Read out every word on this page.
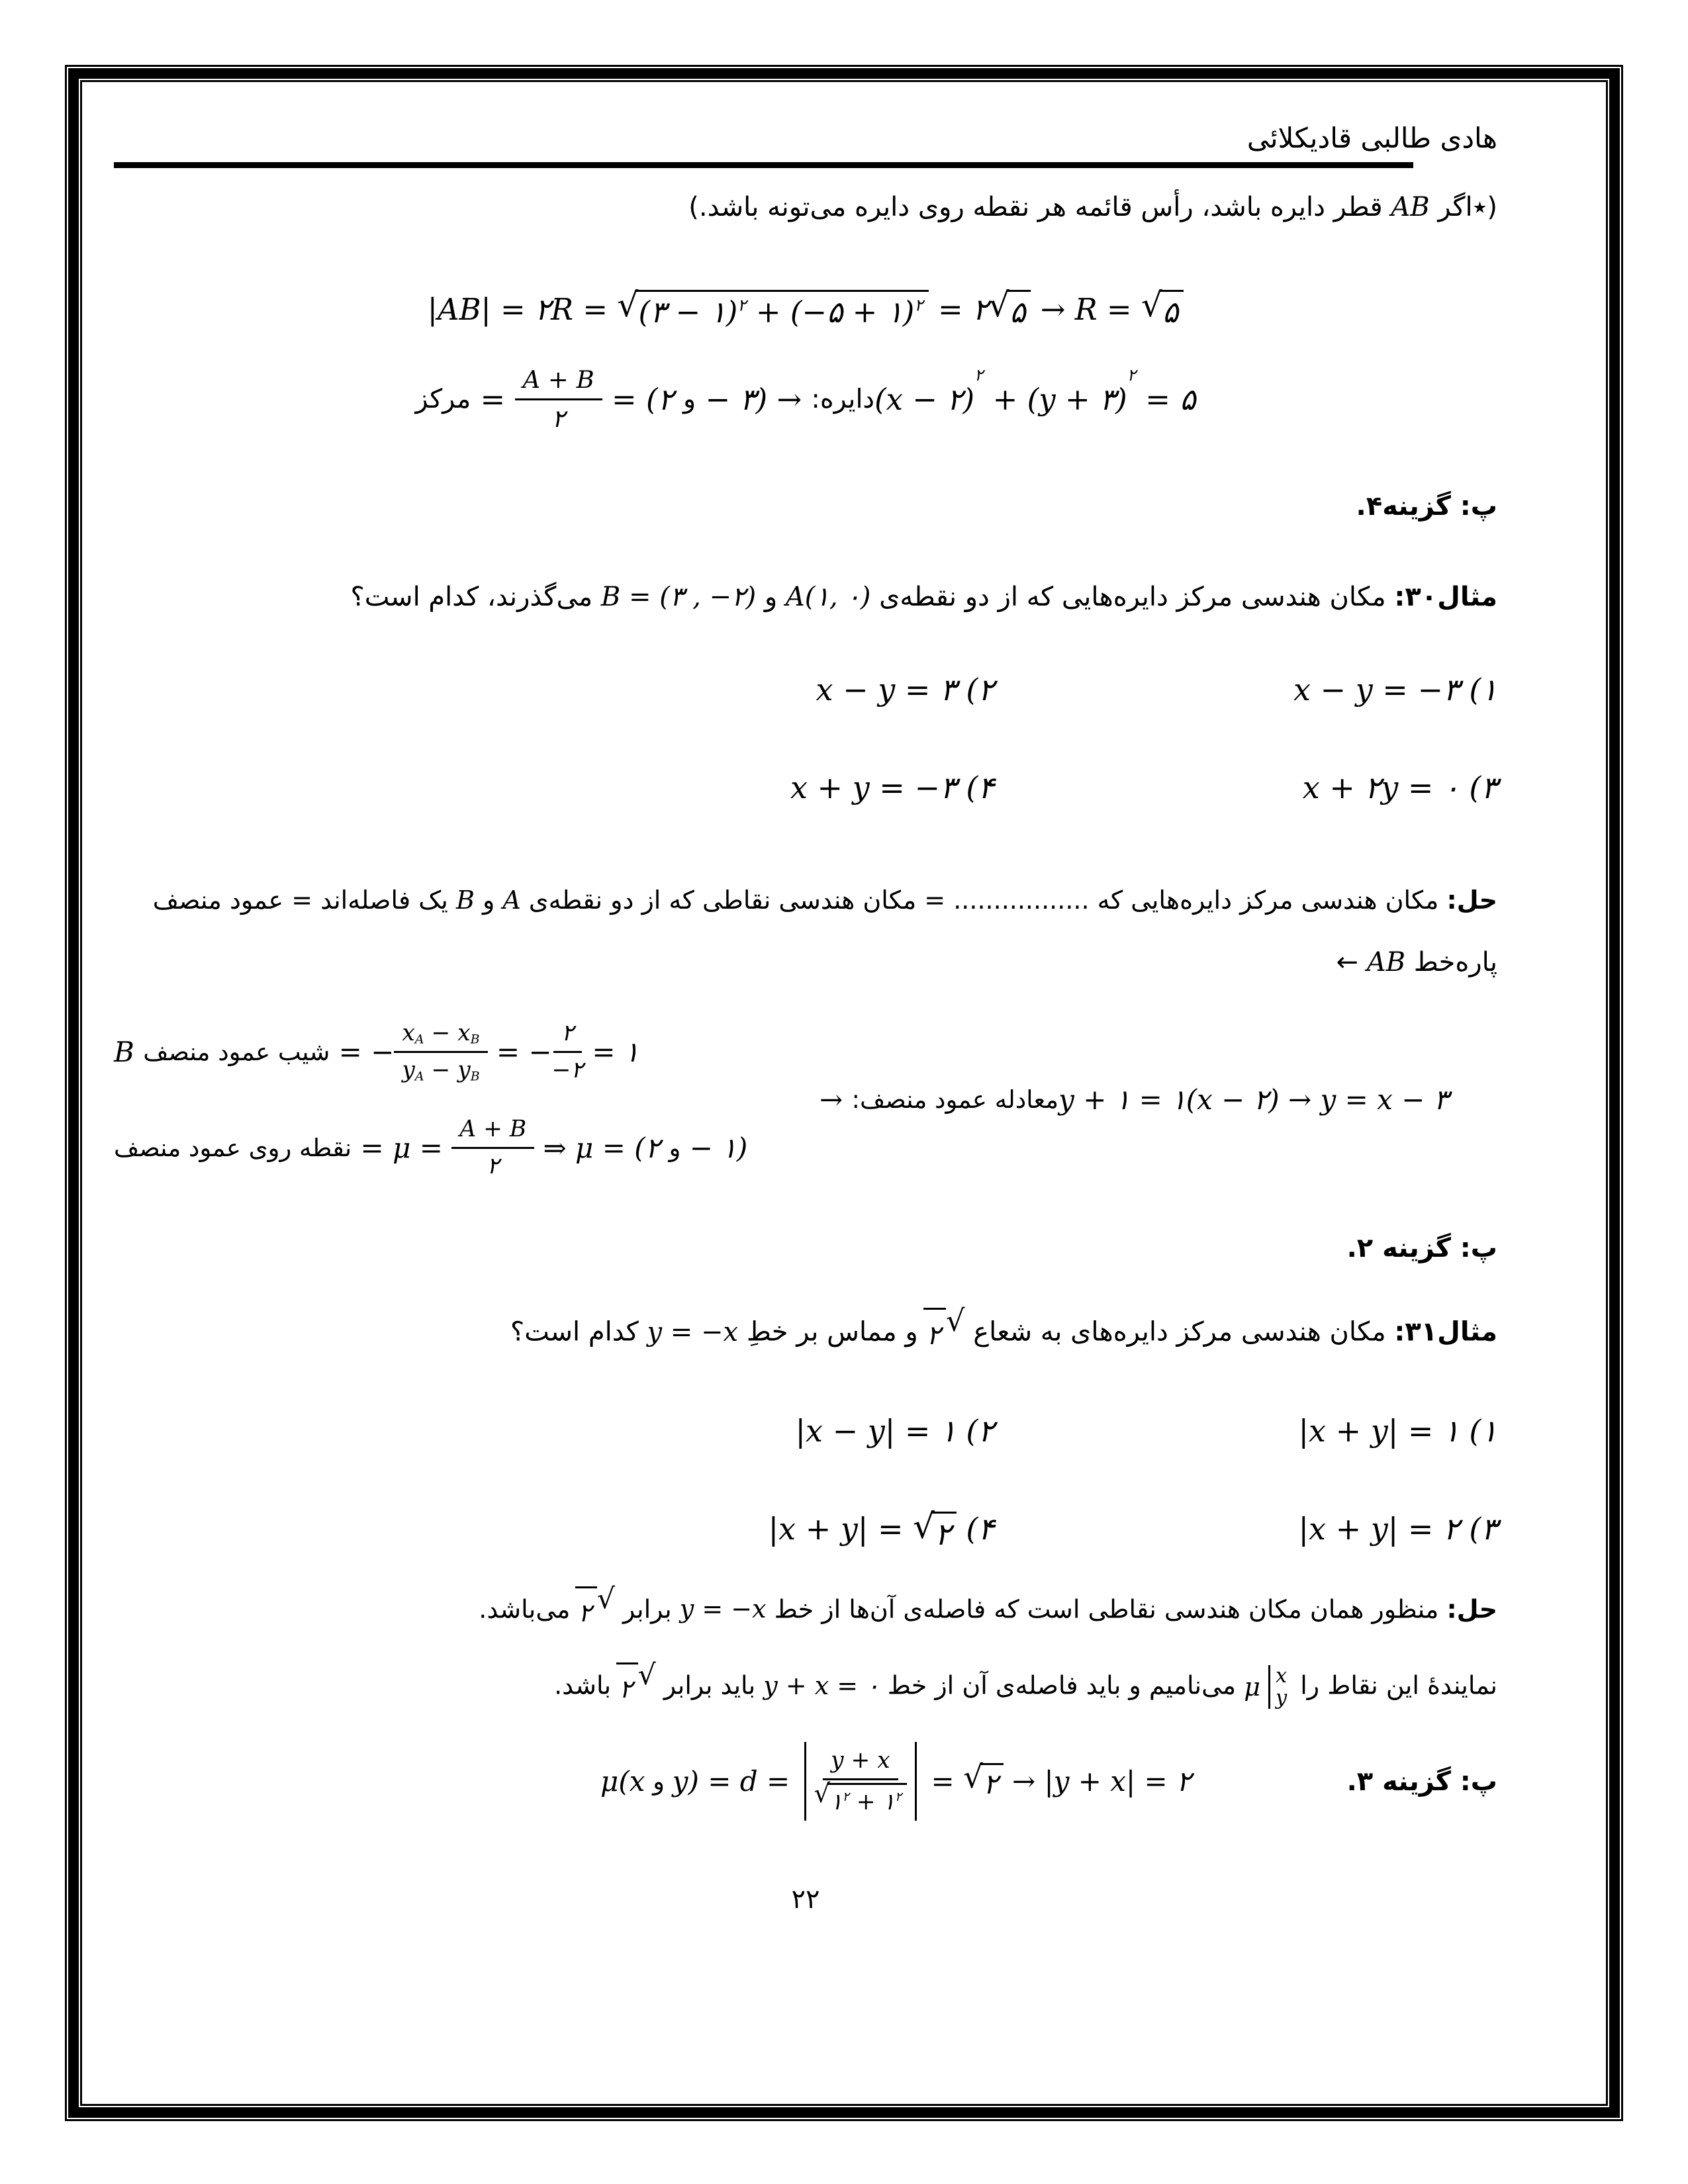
هادی طالبی قادیکلائی
(٭اگر AB قطر دایره باشد، رأس قائمه هر نقطه روی دایره می‌تونه باشد.)
|AB| = ۲R = √ (۳ − ۱)$^۲$ + (−۵ + ۱)$^۲$ = ۲ √ ۵ → R = √ ۵
مرکز = $\frac{A + B}{۲}$ = (۲ و − ۳) → دایره: (x − ۲)
۲
+ (y + ۳)
۲
= ۵
پ: گزینه۴.
مثال۳۰: مکان هندسی مرکز دایره‌هایی که از دو نقطه‌ی A(۱, ۰) و B = (۳ , −۲) می‌گذرند، کدام است؟
x − y = ۳ (۲	x − y = −۳ (۱
x + y = −۳ (۴	x + ۲y = ۰ (۳
حل: مکان هندسی مرکز دایره‌هایی که ................. = مکان هندسی نقاطی که از دو نقطه‌ی A و B یک فاصله‌اند = عمود منصف
پاره‌خط AB ←
B شیب عمود منصف = − $\frac{x_A - x_B}{y_A - y_B}$ = − $\frac{۲}{-۲}$ = ۱
نقطه روی عمود منصف = $\mu = \frac{A + B}{۲}$ ⇒ μ = (۲ و − ۱)
→ معادله عمود منصف: y + ۱ = ۱(x − ۲) → y = x − ۳
پ: گزینه ۲.
مثال۳۱: مکان هندسی مرکز دایره‌های به شعاع
√
۲
و مماس بر خطِ y = −x کدام است؟
|x − y| = ۱ (۲	|x + y| = ۱ (۱
|x + y| = √ ۲ (۴	|x + y| = ۲ (۳
حل: منظور همان مکان هندسی نقاطی است که فاصله‌ی آن‌ها از خط y = −x برابر
√
۲
می‌باشد.
نمایندهٔ این نقاط را
μ x
y
می‌نامیم و باید فاصله‌ی آن از خط y + x = ۰ باید برابر
√
۲
باشد.
μ( x و y ) = $d = \frac{y + x}{√ ۱^۲ + ۱^۲}$ = √ ۲ → |y + x| = ۲	پ: گزینه ۳.
۲۲
